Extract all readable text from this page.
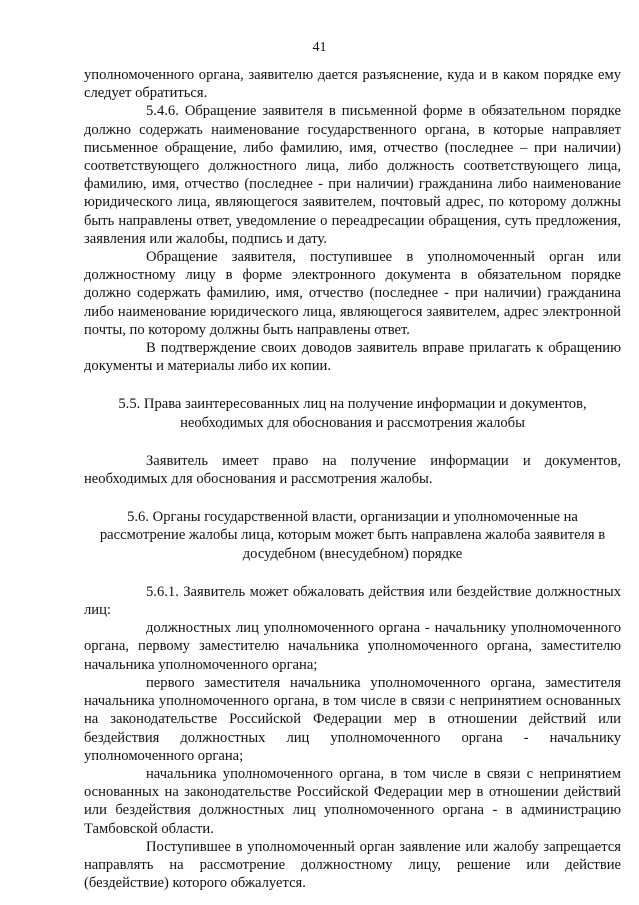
41

уполномоченного органа, заявителю дается разъяснение, куда и в каком порядке ему следует обратиться.

5.4.6. Обращение заявителя в письменной форме в обязательном порядке должно содержать наименование государственного органа, в которые направляет письменное обращение, либо фамилию, имя, отчество (последнее – при наличии) соответствующего должностного лица, либо должность соответствующего лица, фамилию, имя, отчество (последнее - при наличии) гражданина либо наименование юридического лица, являющегося заявителем, почтовый адрес, по которому должны быть направлены ответ, уведомление о переадресации обращения, суть предложения, заявления или жалобы, подпись и дату.

Обращение заявителя, поступившее в уполномоченный орган или должностному лицу в форме электронного документа в обязательном порядке должно содержать фамилию, имя, отчество (последнее - при наличии) гражданина либо наименование юридического лица, являющегося заявителем, адрес электронной почты, по которому должны быть направлены ответ.

В подтверждение своих доводов заявитель вправе прилагать к обращению документы и материалы либо их копии.

5.5. Права заинтересованных лиц на получение информации и документов, необходимых для обоснования и рассмотрения жалобы

Заявитель имеет право на получение информации и документов, необходимых для обоснования и рассмотрения жалобы.

5.6. Органы государственной власти, организации и уполномоченные на рассмотрение жалобы лица, которым может быть направлена жалоба заявителя в досудебном (внесудебном) порядке

5.6.1. Заявитель может обжаловать действия или бездействие должностных лиц:

должностных лиц уполномоченного органа - начальнику уполномоченного органа, первому заместителю начальника уполномоченного органа, заместителю начальника уполномоченного органа;

первого заместителя начальника уполномоченного органа, заместителя начальника уполномоченного органа, в том числе в связи с непринятием основанных на законодательстве Российской Федерации мер в отношении действий или бездействия должностных лиц уполномоченного органа - начальнику уполномоченного органа;

начальника уполномоченного органа, в том числе в связи с непринятием основанных на законодательстве Российской Федерации мер в отношении действий или бездействия должностных лиц уполномоченного органа - в администрацию Тамбовской области.

Поступившее в уполномоченный орган заявление или жалобу запрещается направлять на рассмотрение должностному лицу, решение или действие (бездействие) которого обжалуется.
